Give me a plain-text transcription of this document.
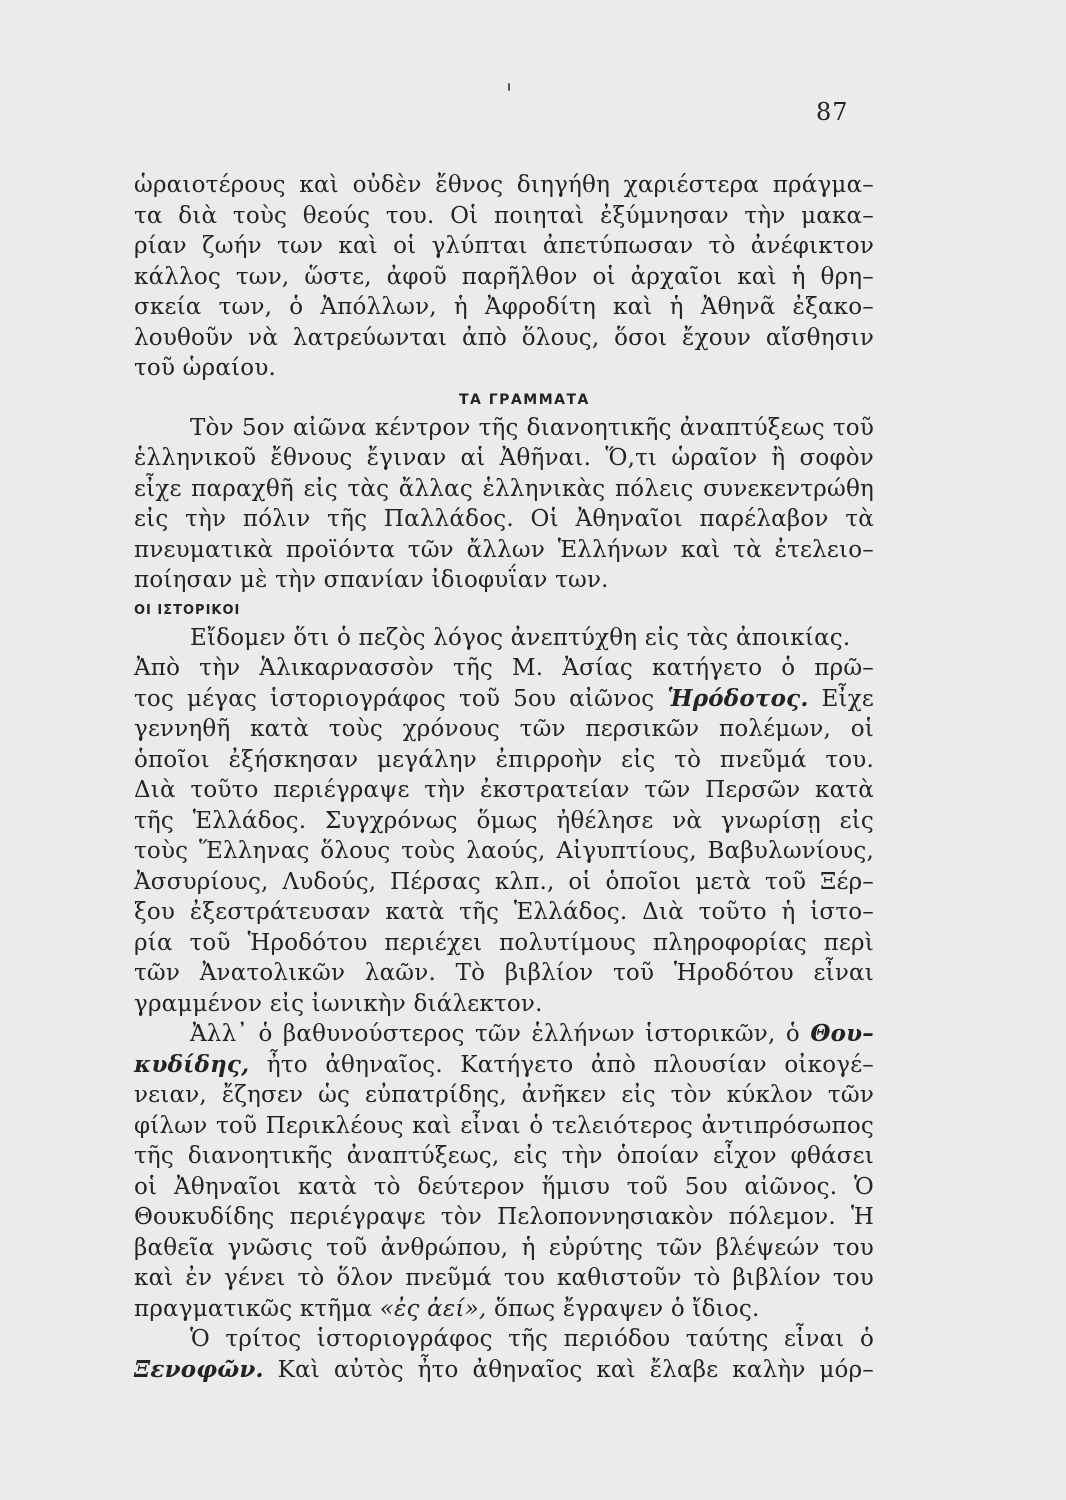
87
ὡραιοτέρους καὶ οὐδὲν ἔθνος διηγήθη χαριέστερα πράγμα–
τα διὰ τοὺς θεούς του. Οἱ ποιηταὶ ἐξύμνησαν τὴν μακα–
ρίαν ζωήν των καὶ οἱ γλύπται ἀπετύπωσαν τὸ ἀνέφικτον
κάλλος των, ὥστε, ἀφοῦ παρῆλθον οἱ ἀρχαῖοι καὶ ἡ θρη–
σκεία των, ὁ Ἀπόλλων, ἡ Ἀφροδίτη καὶ ἡ Ἀθηνᾶ ἐξακο–
λουθοῦν νὰ λατρεύωνται ἀπὸ ὅλους, ὅσοι ἔχουν αἴσθησιν
τοῦ ὡραίου.
ΤΑ ΓΡΑΜΜΑΤΑ
Τὸν 5ον αἰῶνα κέντρον τῆς διανοητικῆς ἀναπτύξεως τοῦ
ἑλληνικοῦ ἔθνους ἔγιναν αἱ Ἀθῆναι. Ὅ,τι ὡραῖον ἢ σοφὸν
εἶχε παραχθῆ εἰς τὰς ἄλλας ἑλληνικὰς πόλεις συνεκεντρώθη
εἰς τὴν πόλιν τῆς Παλλάδος. Οἱ Ἀθηναῖοι παρέλαβον τὰ
πνευματικὰ προϊόντα τῶν ἄλλων Ἑλλήνων καὶ τὰ ἐτελειο–
ποίησαν μὲ τὴν σπανίαν ἰδιοφυΐαν των.
ΟΙ ΙΣΤΟΡΙΚΟΙ
Εἴδομεν ὅτι ὁ πεζὸς λόγος ἀνεπτύχθη εἰς τὰς ἀποικίας.
Ἀπὸ τὴν Ἁλικαρνασσὸν τῆς Μ. Ἀσίας κατήγετο ὁ πρῶ–
τος μέγας ἱστοριογράφος τοῦ 5ου αἰῶνος Ἡρόδοτος. Εἶχε
γεννηθῆ κατὰ τοὺς χρόνους τῶν περσικῶν πολέμων, οἱ
ὁποῖοι ἐξήσκησαν μεγάλην ἐπιρροὴν εἰς τὸ πνεῦμά του.
Διὰ τοῦτο περιέγραψε τὴν ἐκστρατείαν τῶν Περσῶν κατὰ
τῆς Ἑλλάδος. Συγχρόνως ὅμως ἠθέλησε νὰ γνωρίσῃ εἰς
τοὺς Ἕλληνας ὅλους τοὺς λαούς, Αἰγυπτίους, Βαβυλωνίους,
Ἀσσυρίους, Λυδούς, Πέρσας κλπ., οἱ ὁποῖοι μετὰ τοῦ Ξέρ–
ξου ἐξεστράτευσαν κατὰ τῆς Ἑλλάδος. Διὰ τοῦτο ἡ ἱστο–
ρία τοῦ Ἡροδότου περιέχει πολυτίμους πληροφορίας περὶ
τῶν Ἀνατολικῶν λαῶν. Τὸ βιβλίον τοῦ Ἡροδότου εἶναι
γραμμένον εἰς ἰωνικὴν διάλεκτον.
Ἀλλ᾽ ὁ βαθυνούστερος τῶν ἑλλήνων ἱστορικῶν, ὁ Θου–
κυδίδης, ἦτο ἀθηναῖος. Κατήγετο ἀπὸ πλουσίαν οἰκογέ–
νειαν, ἔζησεν ὡς εὐπατρίδης, ἀνῆκεν εἰς τὸν κύκλον τῶν
φίλων τοῦ Περικλέους καὶ εἶναι ὁ τελειότερος ἀντιπρόσωπος
τῆς διανοητικῆς ἀναπτύξεως, εἰς τὴν ὁποίαν εἶχον φθάσει
οἱ Ἀθηναῖοι κατὰ τὸ δεύτερον ἥμισυ τοῦ 5ου αἰῶνος. Ὁ
Θουκυδίδης περιέγραψε τὸν Πελοποννησιακὸν πόλεμον. Ἡ
βαθεῖα γνῶσις τοῦ ἀνθρώπου, ἡ εὐρύτης τῶν βλέψεών του
καὶ ἐν γένει τὸ ὅλον πνεῦμά του καθιστοῦν τὸ βιβλίον του
πραγματικῶς κτῆμα «ἐς ἀεί», ὅπως ἔγραψεν ὁ ἴδιος.
Ὁ τρίτος ἱστοριογράφος τῆς περιόδου ταύτης εἶναι ὁ
Ξενοφῶν. Καὶ αὐτὸς ἦτο ἀθηναῖος καὶ ἔλαβε καλὴν μόρ–
